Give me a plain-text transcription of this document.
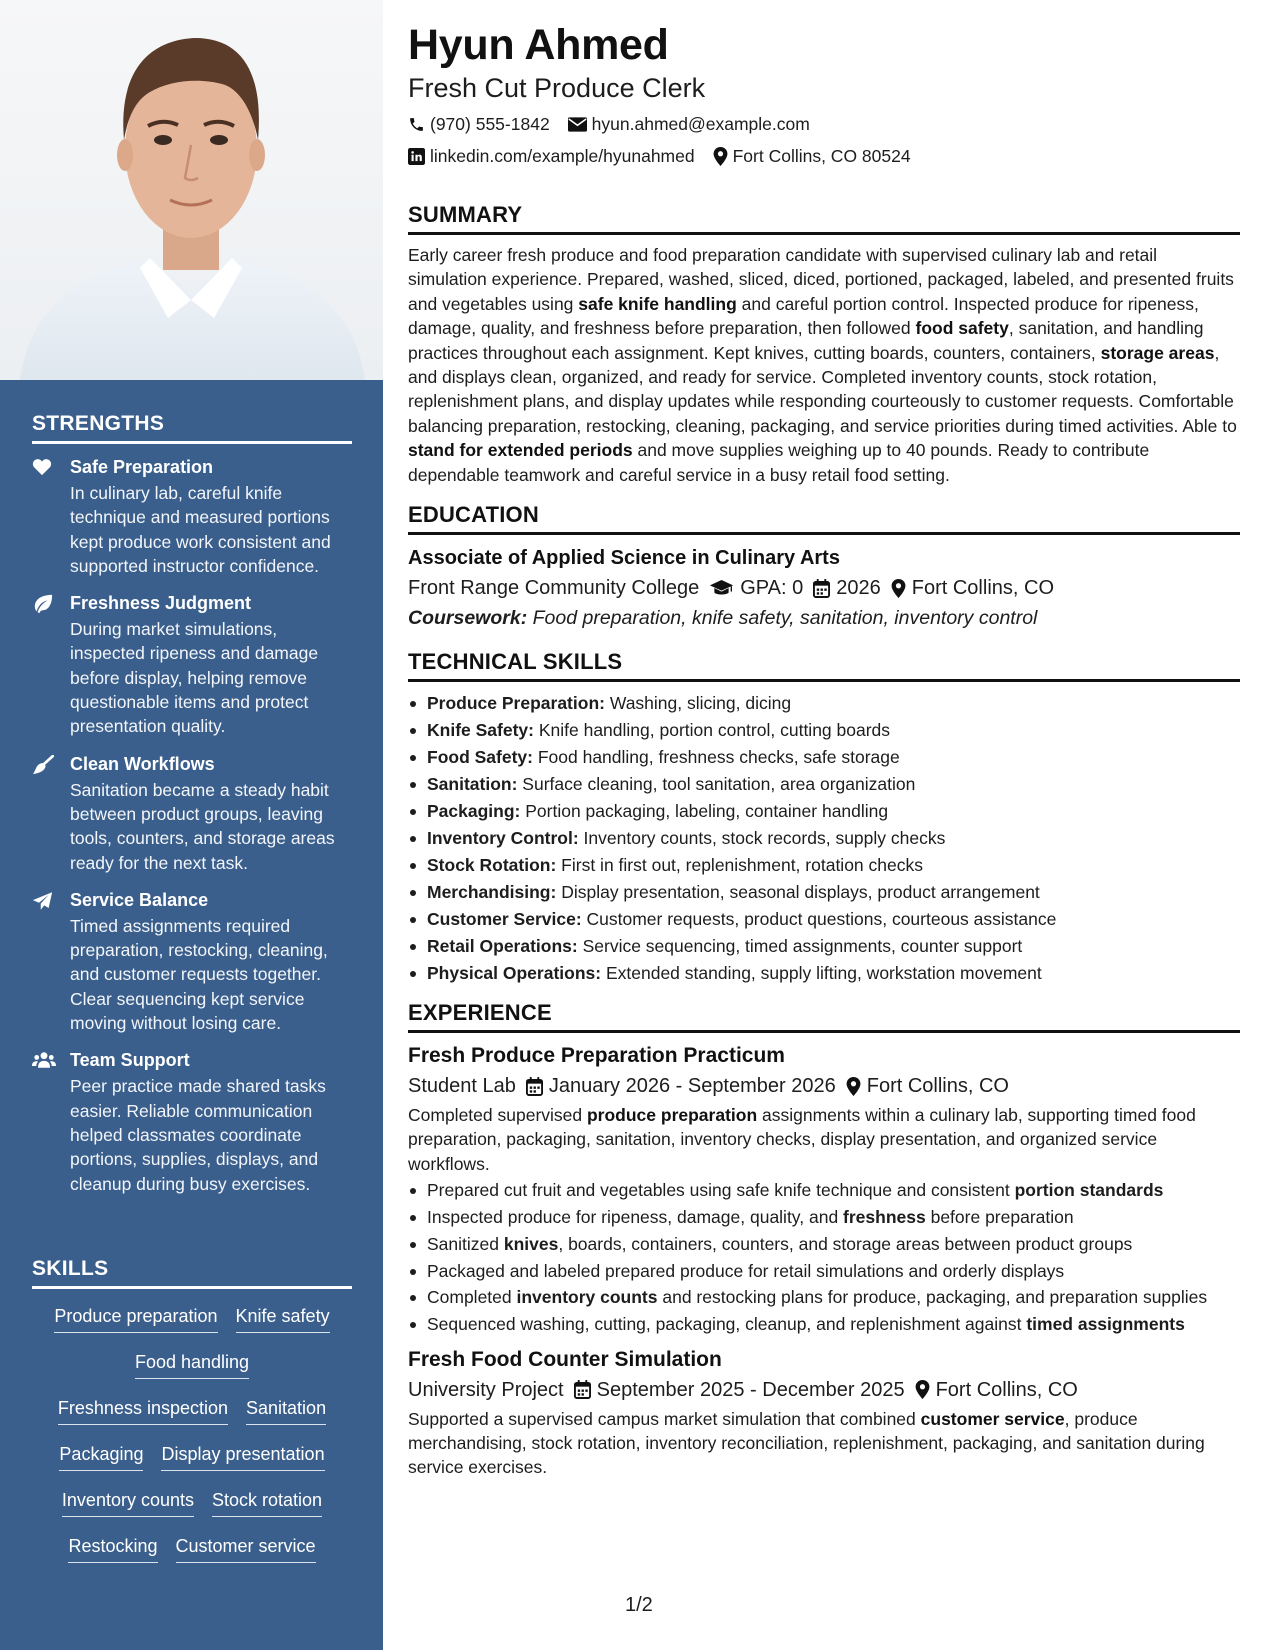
STRENGTHS
Safe Preparation
In culinary lab, careful knife technique and measured portions kept produce work consistent and supported instructor confidence.
Freshness Judgment
During market simulations, inspected ripeness and damage before display, helping remove questionable items and protect presentation quality.
Clean Workflows
Sanitation became a steady habit between product groups, leaving tools, counters, and storage areas ready for the next task.
Service Balance
Timed assignments required preparation, restocking, cleaning, and customer requests together. Clear sequencing kept service moving without losing care.
Team Support
Peer practice made shared tasks easier. Reliable communication helped classmates coordinate portions, supplies, displays, and cleanup during busy exercises.
SKILLS
Produce preparation Knife safety
Food handling
Freshness inspection Sanitation
Packaging Display presentation
Inventory counts Stock rotation
Restocking Customer service
Hyun Ahmed
Fresh Cut Produce Clerk
(970) 555-1842 hyun.ahmed@example.com
linkedin.com/example/hyunahmed Fort Collins, CO 80524
SUMMARY

Early career fresh produce and food preparation candidate with supervised culinary lab and retail simulation experience. Prepared, washed, sliced, diced, portioned, packaged, labeled, and presented fruits and vegetables using safe knife handling and careful portion control. Inspected produce for ripeness, damage, quality, and freshness before preparation, then followed food safety, sanitation, and handling practices throughout each assignment. Kept knives, cutting boards, counters, containers, storage areas, and displays clean, organized, and ready for service. Completed inventory counts, stock rotation, replenishment plans, and display updates while responding courteously to customer requests. Comfortable balancing preparation, restocking, cleaning, packaging, and service priorities during timed activities. Able to stand for extended periods and move supplies weighing up to 40 pounds. Ready to contribute dependable teamwork and careful service in a busy retail food setting.

EDUCATION
Associate of Applied Science in Culinary Arts
Front Range Community College GPA: 0 2026 Fort Collins, CO
Coursework: Food preparation, knife safety, sanitation, inventory control
TECHNICAL SKILLS
Produce Preparation: Washing, slicing, dicing
Knife Safety: Knife handling, portion control, cutting boards
Food Safety: Food handling, freshness checks, safe storage
Sanitation: Surface cleaning, tool sanitation, area organization
Packaging: Portion packaging, labeling, container handling
Inventory Control: Inventory counts, stock records, supply checks
Stock Rotation: First in first out, replenishment, rotation checks
Merchandising: Display presentation, seasonal displays, product arrangement
Customer Service: Customer requests, product questions, courteous assistance
Retail Operations: Service sequencing, timed assignments, counter support
Physical Operations: Extended standing, supply lifting, workstation movement
EXPERIENCE
Fresh Produce Preparation Practicum
Student Lab January 2026 - September 2026 Fort Collins, CO

Completed supervised produce preparation assignments within a culinary lab, supporting timed food preparation, packaging, sanitation, inventory checks, display presentation, and organized service workflows.

Prepared cut fruit and vegetables using safe knife technique and consistent portion standards
Inspected produce for ripeness, damage, quality, and freshness before preparation
Sanitized knives, boards, containers, counters, and storage areas between product groups
Packaged and labeled prepared produce for retail simulations and orderly displays
Completed inventory counts and restocking plans for produce, packaging, and preparation supplies
Sequenced washing, cutting, packaging, cleanup, and replenishment against timed assignments
Fresh Food Counter Simulation
University Project September 2025 - December 2025 Fort Collins, CO

Supported a supervised campus market simulation that combined customer service, produce merchandising, stock rotation, inventory reconciliation, replenishment, packaging, and sanitation during service exercises.

1/2
